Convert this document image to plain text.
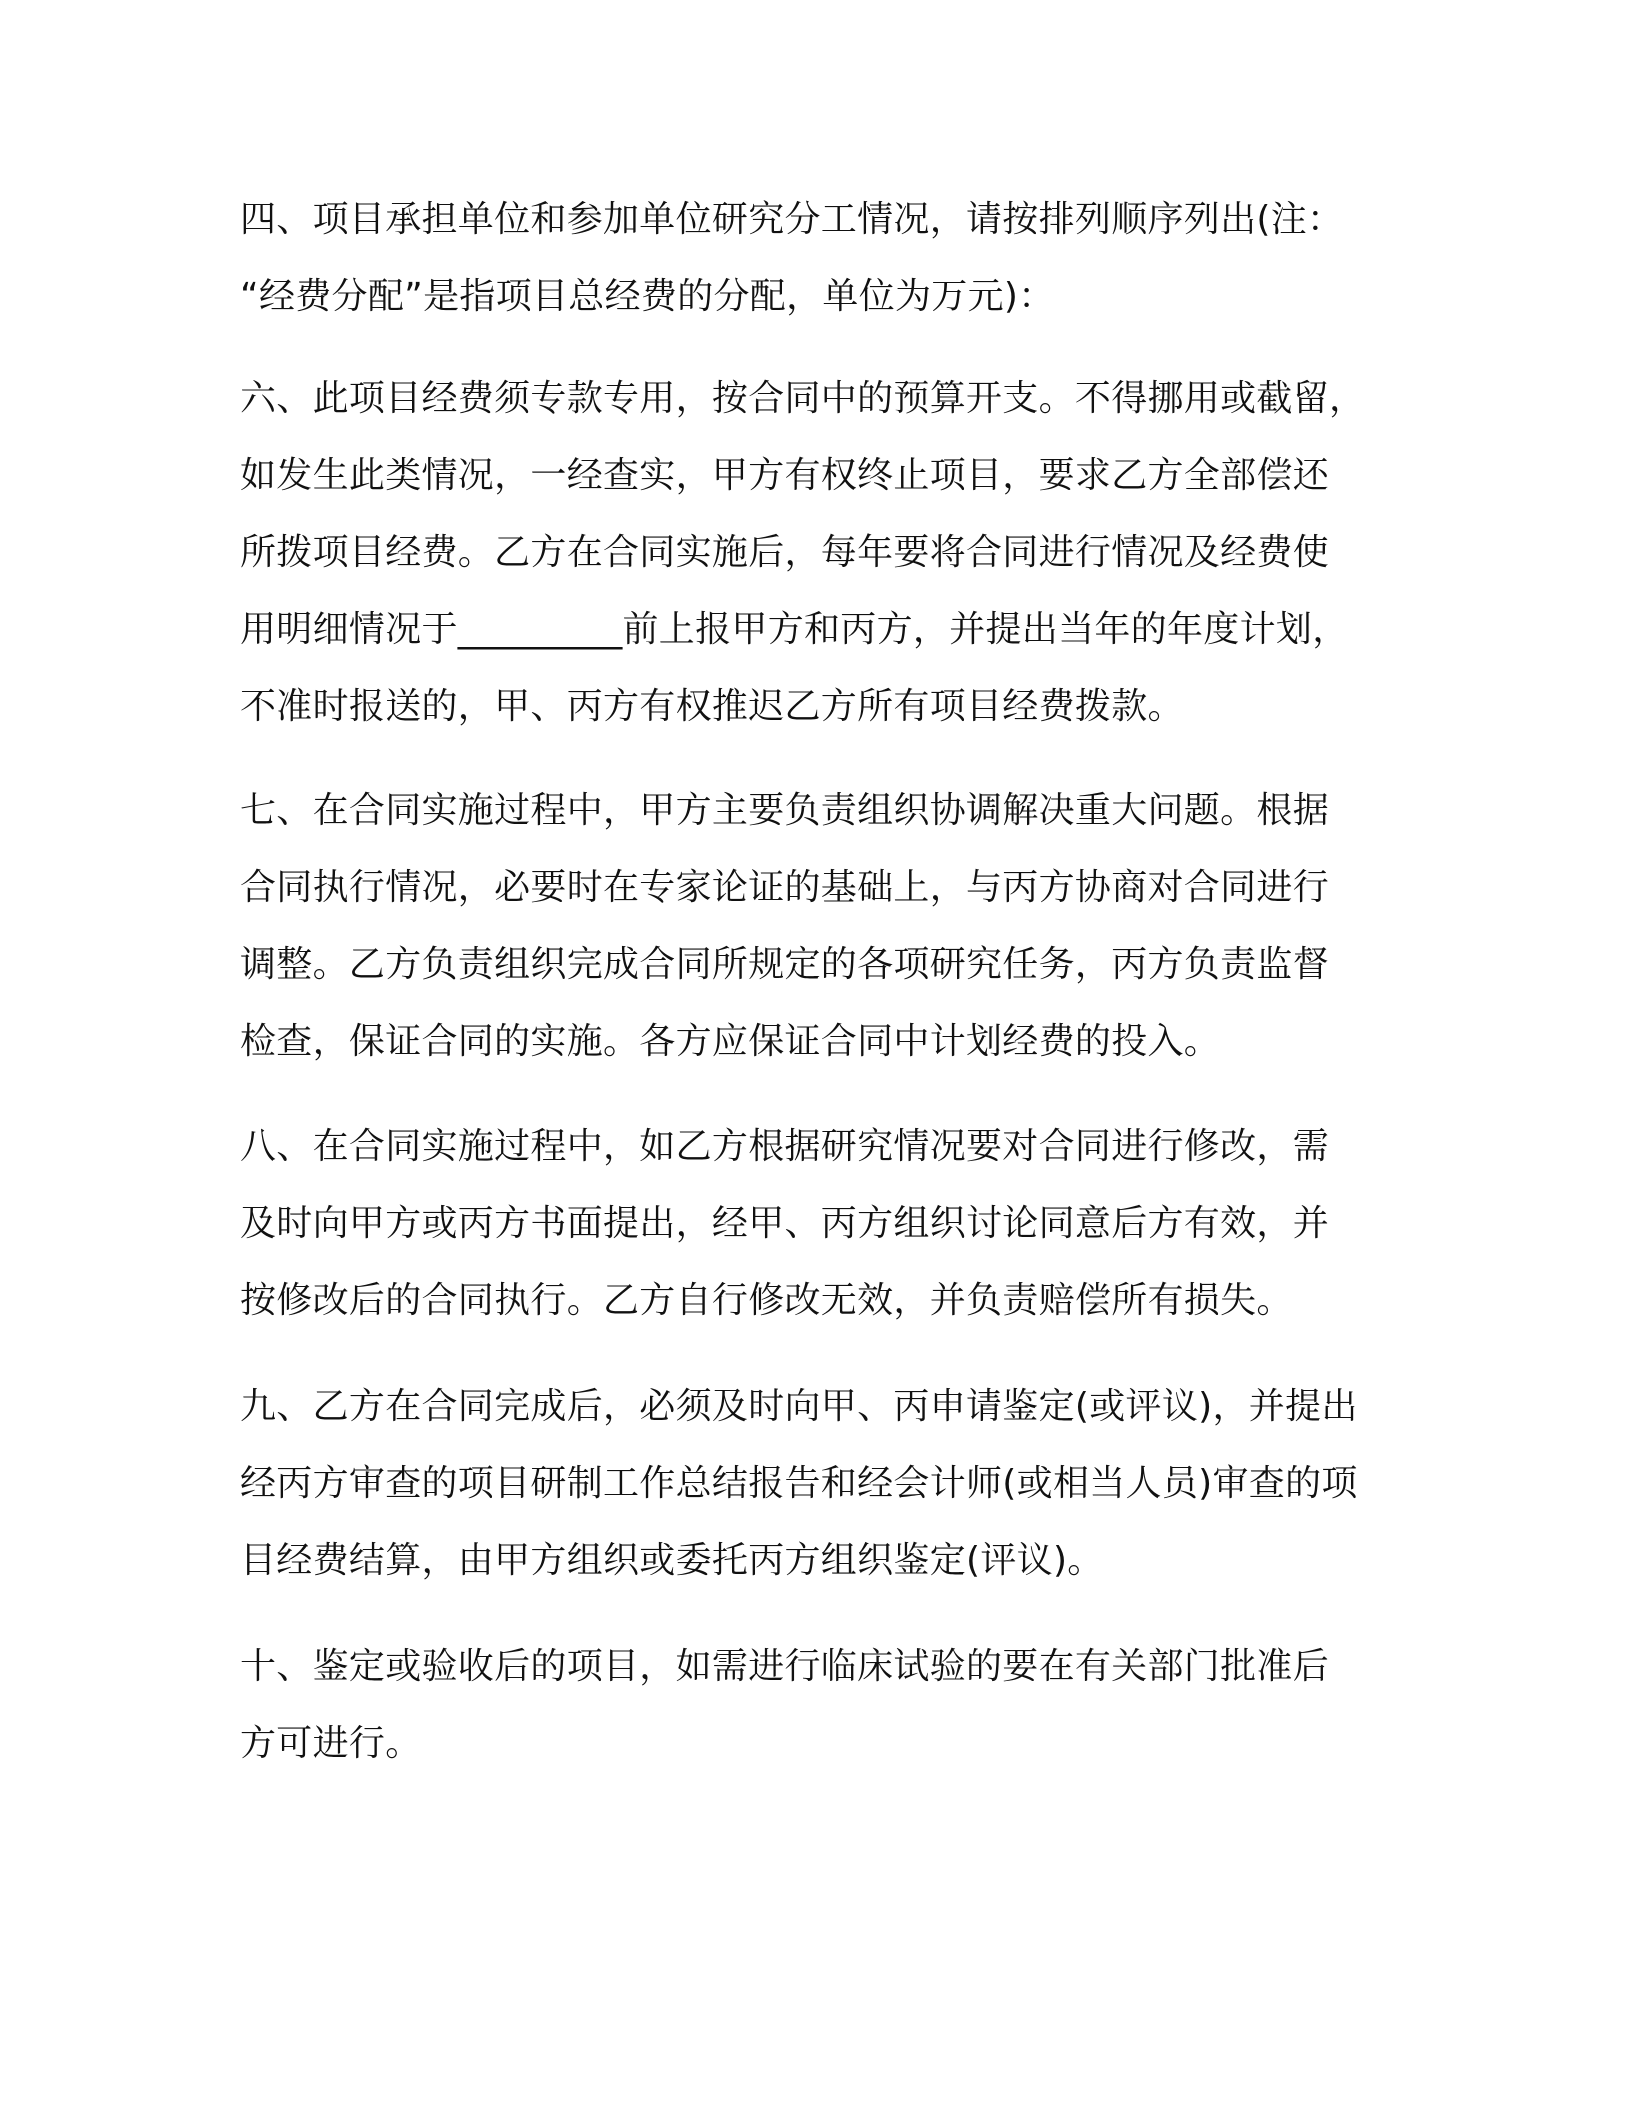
四、项目承担单位和参加单位研究分工情况，请按排列顺序列出(注：
“经费分配”是指项目总经费的分配，单位为万元)：
六、此项目经费须专款专用，按合同中的预算开支。不得挪用或截留，
如发生此类情况，一经查实，甲方有权终止项目，要求乙方全部偿还
所拨项目经费。乙方在合同实施后，每年要将合同进行情况及经费使
用明细情况于_________前上报甲方和丙方，并提出当年的年度计划，
不准时报送的，甲、丙方有权推迟乙方所有项目经费拨款。
七、在合同实施过程中，甲方主要负责组织协调解决重大问题。根据
合同执行情况，必要时在专家论证的基础上，与丙方协商对合同进行
调整。乙方负责组织完成合同所规定的各项研究任务，丙方负责监督
检查，保证合同的实施。各方应保证合同中计划经费的投入。
八、在合同实施过程中，如乙方根据研究情况要对合同进行修改，需
及时向甲方或丙方书面提出，经甲、丙方组织讨论同意后方有效，并
按修改后的合同执行。乙方自行修改无效，并负责赔偿所有损失。
九、乙方在合同完成后，必须及时向甲、丙申请鉴定(或评议)，并提出
经丙方审查的项目研制工作总结报告和经会计师(或相当人员)审查的项
目经费结算，由甲方组织或委托丙方组织鉴定(评议)。
十、鉴定或验收后的项目，如需进行临床试验的要在有关部门批准后
方可进行。
